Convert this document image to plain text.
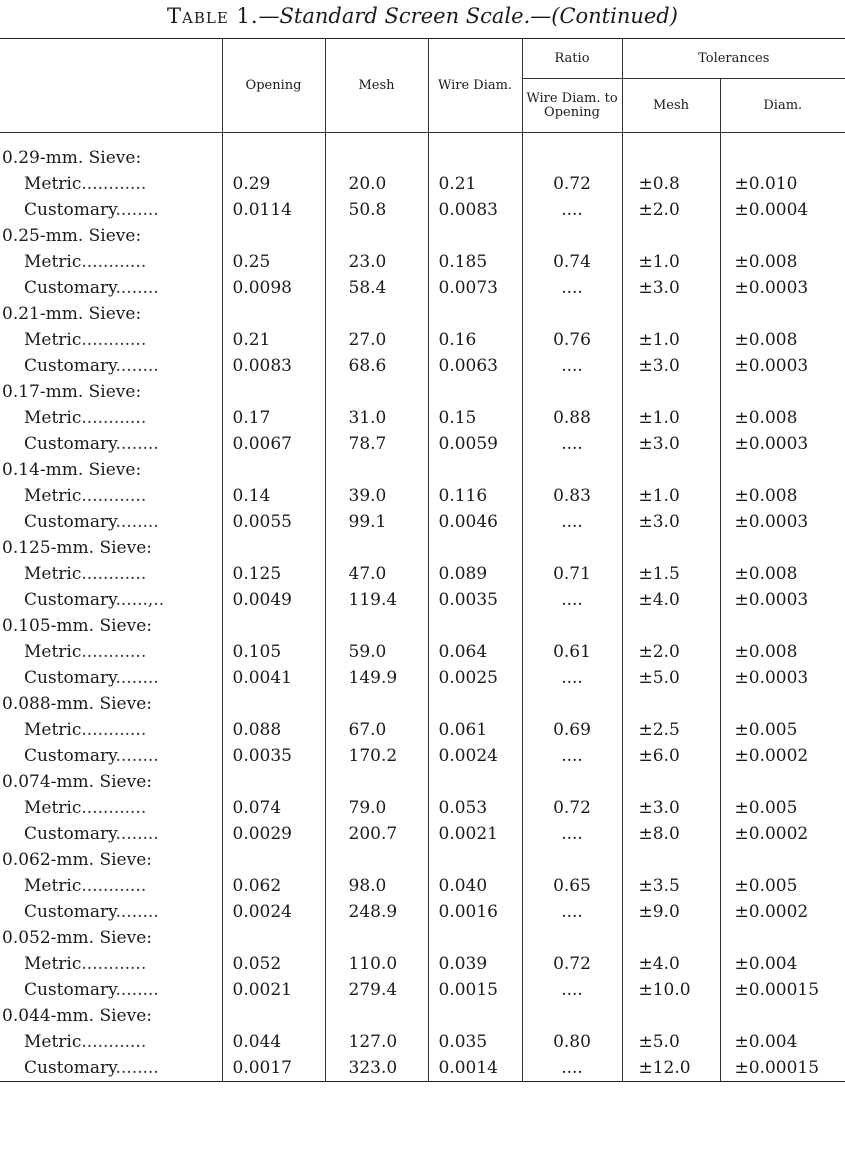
Table 1.—Standard Screen Scale.—(Continued)
	Opening	Mesh	Wire Diam.	Ratio	Tolerances	
				Wire Diam. to Opening	Mesh	Diam.

0.29-mm. Sieve:						
Metric............	0.29	20.0	0.21	0.72	±0.8	±0.010
Customary........	0.0114	50.8	0.0083	....	±2.0	±0.0004
0.25-mm. Sieve:						
Metric............	0.25	23.0	0.185	0.74	±1.0	±0.008
Customary........	0.0098	58.4	0.0073	....	±3.0	±0.0003
0.21-mm. Sieve:						
Metric............	0.21	27.0	0.16	0.76	±1.0	±0.008
Customary........	0.0083	68.6	0.0063	....	±3.0	±0.0003
0.17-mm. Sieve:						
Metric............	0.17	31.0	0.15	0.88	±1.0	±0.008
Customary........	0.0067	78.7	0.0059	....	±3.0	±0.0003
0.14-mm. Sieve:						
Metric............	0.14	39.0	0.116	0.83	±1.0	±0.008
Customary........	0.0055	99.1	0.0046	....	±3.0	±0.0003
0.125-mm. Sieve:						
Metric............	0.125	47.0	0.089	0.71	±1.5	±0.008
Customary......,..	0.0049	119.4	0.0035	....	±4.0	±0.0003
0.105-mm. Sieve:						
Metric............	0.105	59.0	0.064	0.61	±2.0	±0.008
Customary........	0.0041	149.9	0.0025	....	±5.0	±0.0003
0.088-mm. Sieve:						
Metric............	0.088	67.0	0.061	0.69	±2.5	±0.005
Customary........	0.0035	170.2	0.0024	....	±6.0	±0.0002
0.074-mm. Sieve:						
Metric............	0.074	79.0	0.053	0.72	±3.0	±0.005
Customary........	0.0029	200.7	0.0021	....	±8.0	±0.0002
0.062-mm. Sieve:						
Metric............	0.062	98.0	0.040	0.65	±3.5	±0.005
Customary........	0.0024	248.9	0.0016	....	±9.0	±0.0002
0.052-mm. Sieve:						
Metric............	0.052	110.0	0.039	0.72	±4.0	±0.004
Customary........	0.0021	279.4	0.0015	....	±10.0	±0.00015
0.044-mm. Sieve:						
Metric............	0.044	127.0	0.035	0.80	±5.0	±0.004
Customary........	0.0017	323.0	0.0014	....	±12.0	±0.00015
